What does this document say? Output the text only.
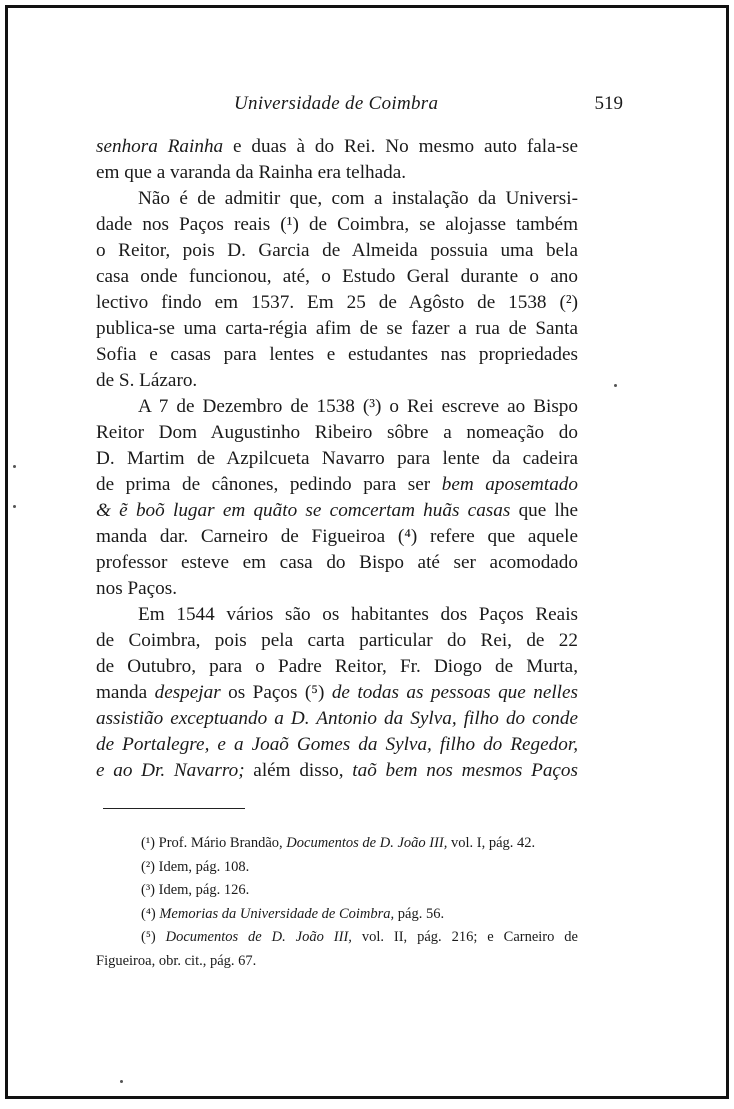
Universidade de Coimbra	519

senhora Rainha e duas à do Rei. No mesmo auto fala-se
em que a varanda da Rainha era telhada.

Não é de admitir que, com a instalação da Universi-
dade nos Paços reais (¹) de Coimbra, se alojasse também
o Reitor, pois D. Garcia de Almeida possuia uma bela
casa onde funcionou, até, o Estudo Geral durante o ano
lectivo findo em 1537. Em 25 de Agôsto de 1538 (²)
publica-se uma carta-régia afim de se fazer a rua de Santa
Sofia e casas para lentes e estudantes nas propriedades
de S. Lázaro.

A 7 de Dezembro de 1538 (³) o Rei escreve ao Bispo
Reitor Dom Augustinho Ribeiro sôbre a nomeação do
D. Martim de Azpilcueta Navarro para lente da cadeira
de prima de cânones, pedindo para ser bem aposemtado
& ẽ boõ lugar em quãto se comcertam huãs casas que lhe
manda dar. Carneiro de Figueiroa (⁴) refere que aquele
professor esteve em casa do Bispo até ser acomodado
nos Paços.

Em 1544 vários são os habitantes dos Paços Reais
de Coimbra, pois pela carta particular do Rei, de 22
de Outubro, para o Padre Reitor, Fr. Diogo de Murta,
manda despejar os Paços (⁵) de todas as pessoas que nelles
assistião exceptuando a D. Antonio da Sylva, filho do conde
de Portalegre, e a Joaõ Gomes da Sylva, filho do Regedor,
e ao Dr. Navarro; além disso, taõ bem nos mesmos Paços

(¹) Prof. Mário Brandão, Documentos de D. João III, vol. I, pág. 42.
(²) Idem, pág. 108.
(³) Idem, pág. 126.
(⁴) Memorias da Universidade de Coimbra, pág. 56.
(⁵) Documentos de D. João III, vol. II, pág. 216; e Carneiro de
Figueiroa, obr. cit., pág. 67.
